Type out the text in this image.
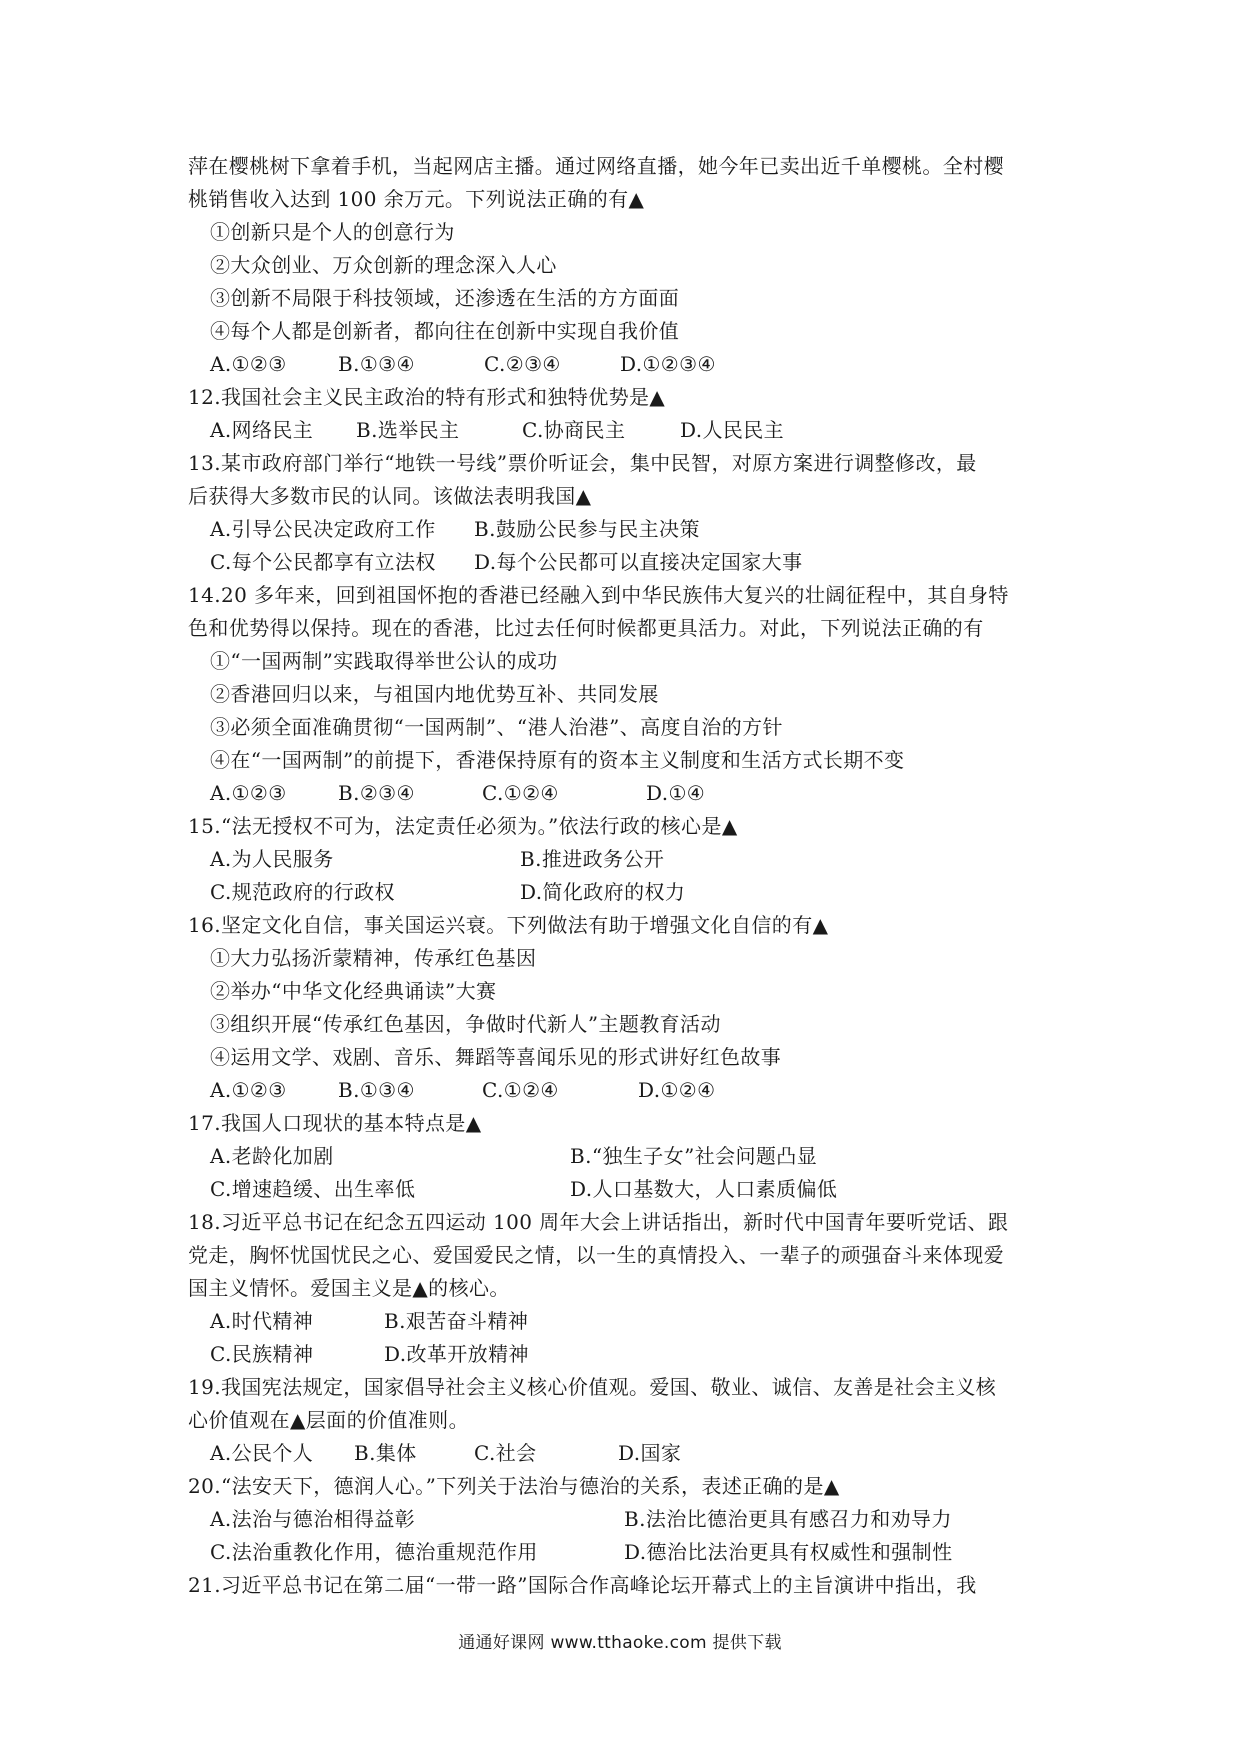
萍在樱桃树下拿着手机，当起网店主播。通过网络直播，她今年已卖出近千单樱桃。全村樱
桃销售收入达到 100 余万元。下列说法正确的有▲
①创新只是个人的创意行为
②大众创业、万众创新的理念深入人心
③创新不局限于科技领域，还渗透在生活的方方面面
④每个人都是创新者，都向往在创新中实现自我价值
A.①②③	B.①③④	C.②③④	D.①②③④
12.我国社会主义民主政治的特有形式和独特优势是▲
A.网络民主	B.选举民主	C.协商民主	D.人民民主
13.某市政府部门举行“地铁一号线”票价听证会，集中民智，对原方案进行调整修改，最
后获得大多数市民的认同。该做法表明我国▲
A.引导公民决定政府工作	B.鼓励公民参与民主决策
C.每个公民都享有立法权	D.每个公民都可以直接决定国家大事
14.20 多年来，回到祖国怀抱的香港已经融入到中华民族伟大复兴的壮阔征程中，其自身特
色和优势得以保持。现在的香港，比过去任何时候都更具活力。对此，下列说法正确的有
①“一国两制”实践取得举世公认的成功
②香港回归以来，与祖国内地优势互补、共同发展
③必须全面准确贯彻“一国两制”、“港人治港”、高度自治的方针
④在“一国两制”的前提下，香港保持原有的资本主义制度和生活方式长期不变
A.①②③	B.②③④	C.①②④	D.①④
15.“法无授权不可为，法定责任必须为。”依法行政的核心是▲
A.为人民服务	B.推进政务公开
C.规范政府的行政权	D.简化政府的权力
16.坚定文化自信，事关国运兴衰。下列做法有助于增强文化自信的有▲
①大力弘扬沂蒙精神，传承红色基因
②举办“中华文化经典诵读”大赛
③组织开展“传承红色基因，争做时代新人”主题教育活动
④运用文学、戏剧、音乐、舞蹈等喜闻乐见的形式讲好红色故事
A.①②③	B.①③④	C.①②④	D.①②④
17.我国人口现状的基本特点是▲
A.老龄化加剧	B.“独生子女”社会问题凸显
C.增速趋缓、出生率低	D.人口基数大，人口素质偏低
18.习近平总书记在纪念五四运动 100 周年大会上讲话指出，新时代中国青年要听党话、跟
党走，胸怀忧国忧民之心、爱国爱民之情，以一生的真情投入、一辈子的顽强奋斗来体现爱
国主义情怀。爱国主义是▲的核心。
A.时代精神	B.艰苦奋斗精神
C.民族精神	D.改革开放精神
19.我国宪法规定，国家倡导社会主义核心价值观。爱国、敬业、诚信、友善是社会主义核
心价值观在▲层面的价值准则。
A.公民个人	B.集体	C.社会	D.国家
20.“法安天下，德润人心。”下列关于法治与德治的关系，表述正确的是▲
A.法治与德治相得益彰	B.法治比德治更具有感召力和劝导力
C.法治重教化作用，德治重规范作用	D.德治比法治更具有权威性和强制性
21.习近平总书记在第二届“一带一路”国际合作高峰论坛开幕式上的主旨演讲中指出，我
通通好课网 www.tthaoke.com 提供下载
